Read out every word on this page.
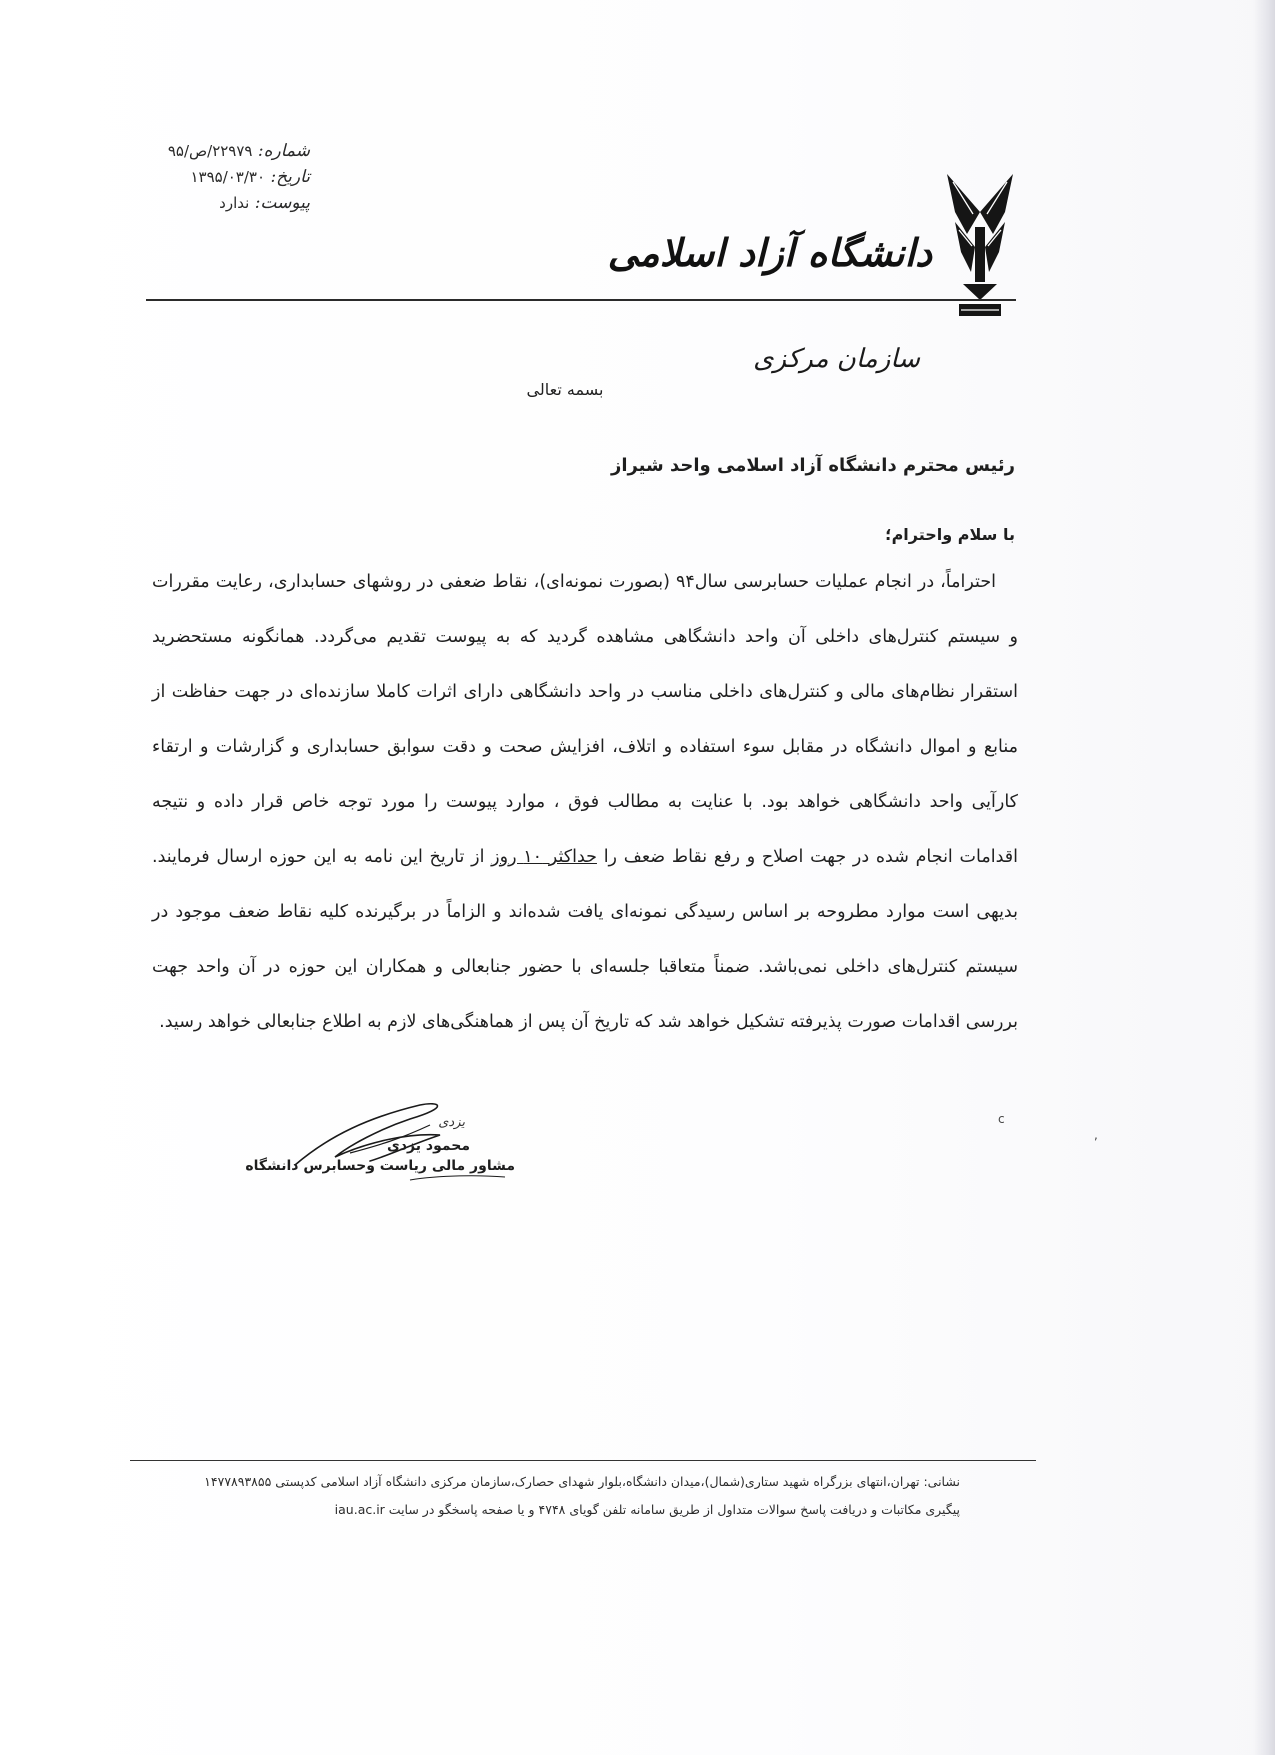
شماره: ۲۲۹۷۹/ص/۹۵
تاریخ: ۱۳۹۵/۰۳/۳۰
پیوست: ندارد
دانشگاه آزاد اسلامی
سازمان مرکزی
بسمه تعالی
رئیس محترم دانشگاه آزاد اسلامی واحد شیراز
با سلام واحترام؛

احتراماً، در انجام عملیات حسابرسی سال۹۴ (بصورت نمونه‌ای)، نقاط ضعفی در روشهای حسابداری، رعایت مقررات و سیستم کنترل‌های داخلی آن واحد دانشگاهی مشاهده گردید که به پیوست تقدیم می‌گردد. همانگونه مستحضرید استقرار نظام‌های مالی و کنترل‌های داخلی مناسب در واحد دانشگاهی دارای اثرات کاملا سازنده‌ای در جهت حفاظت از منابع و اموال دانشگاه در مقابل سوء استفاده و اتلاف، افزایش صحت و دقت سوابق حسابداری و گزارشات و ارتقاء کارآیی واحد دانشگاهی خواهد بود. با عنایت به مطالب فوق ، موارد پیوست را مورد توجه خاص قرار داده و نتیجه اقدامات انجام شده در جهت اصلاح و رفع نقاط ضعف را حداکثر ۱۰ روز از تاریخ این نامه به این حوزه ارسال فرمایند. بدیهی است موارد مطروحه بر اساس رسیدگی نمونه‌ای یافت شده‌اند و الزاماً در برگیرنده کلیه نقاط ضعف موجود در سیستم کنترل‌های داخلی نمی‌باشد. ضمناً متعاقبا جلسه‌ای با حضور جنابعالی و همکاران این حوزه در آن واحد جهت بررسی اقدامات صورت پذیرفته تشکیل خواهد شد که تاریخ آن پس از هماهنگی‌های لازم به اطلاع جنابعالی خواهد رسید.

یزدی
محمود یزدی
مشاور مالی ریاست وحسابرس دانشگاه
c
,
نشانی: تهران،انتهای بزرگراه شهید ستاری(شمال)،میدان دانشگاه،بلوار شهدای حصارک،سازمان مرکزی دانشگاه آزاد اسلامی کدپستی ۱۴۷۷۸۹۳۸۵۵
پیگیری مکاتبات و دریافت پاسخ سوالات متداول از طریق سامانه تلفن گویای ۴۷۴۸ و یا صفحه پاسخگو در سایت iau.ac.ir
